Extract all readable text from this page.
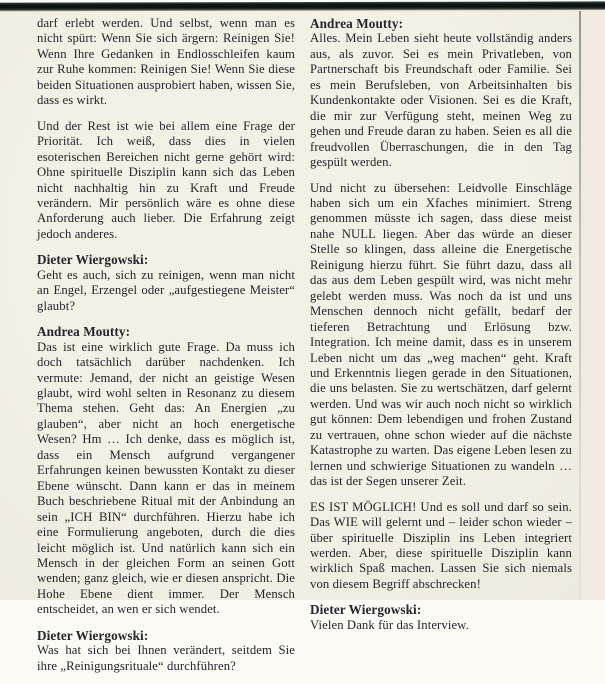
darf erlebt werden. Und selbst, wenn man es nicht spürt: Wenn Sie sich ärgern: Reinigen Sie! Wenn Ihre Gedanken in Endlosschleifen kaum zur Ruhe kommen: Reinigen Sie! Wenn Sie diese beiden Situationen ausprobiert haben, wissen Sie, dass es wirkt.

Und der Rest ist wie bei allem eine Frage der Priorität. Ich weiß, dass dies in vielen esoterischen Bereichen nicht gerne gehört wird: Ohne spirituelle Disziplin kann sich das Leben nicht nachhaltig hin zu Kraft und Freude verändern. Mir persönlich wäre es ohne diese Anforderung auch lieber. Die Erfahrung zeigt jedoch anderes.

Dieter Wiergowski:

Geht es auch, sich zu reinigen, wenn man nicht an Engel, Erzengel oder „aufgestiegene Meister“ glaubt?

Andrea Moutty:

Das ist eine wirklich gute Frage. Da muss ich doch tatsächlich darüber nachdenken. Ich vermute: Jemand, der nicht an geistige Wesen glaubt, wird wohl selten in Resonanz zu diesem Thema stehen. Geht das: An Energien „zu glauben“, aber nicht an hoch energetische Wesen? Hm … Ich denke, dass es möglich ist, dass ein Mensch aufgrund vergangener Erfahrungen keinen bewussten Kontakt zu dieser Ebene wünscht. Dann kann er das in meinem Buch beschriebene Ritual mit der Anbindung an sein „ICH BIN“ durchführen. Hierzu habe ich eine Formulierung angeboten, durch die dies leicht möglich ist. Und natürlich kann sich ein Mensch in der gleichen Form an seinen Gott wenden; ganz gleich, wie er diesen anspricht. Die Hohe Ebene dient immer. Der Mensch entscheidet, an wen er sich wendet.

Dieter Wiergowski:

Was hat sich bei Ihnen verändert, seitdem Sie ihre „Reinigungsrituale“ durchführen?

Andrea Moutty:

Alles. Mein Leben sieht heute vollständig anders aus, als zuvor. Sei es mein Privatleben, von Partnerschaft bis Freundschaft oder Familie. Sei es mein Berufsleben, von Arbeitsinhalten bis Kundenkontakte oder Visionen. Sei es die Kraft, die mir zur Verfügung steht, meinen Weg zu gehen und Freude daran zu haben. Seien es all die freudvollen Überraschungen, die in den Tag gespült werden.

Und nicht zu übersehen: Leidvolle Einschläge haben sich um ein Xfaches minimiert. Streng genommen müsste ich sagen, dass diese meist nahe NULL liegen. Aber das würde an dieser Stelle so klingen, dass alleine die Energetische Reinigung hierzu führt. Sie führt dazu, dass all das aus dem Leben gespült wird, was nicht mehr gelebt werden muss. Was noch da ist und uns Menschen dennoch nicht gefällt, bedarf der tieferen Betrachtung und Erlösung bzw. Integration. Ich meine damit, dass es in unserem Leben nicht um das „weg machen“ geht. Kraft und Erkenntnis liegen gerade in den Situationen, die uns belasten. Sie zu wertschätzen, darf gelernt werden. Und was wir auch noch nicht so wirklich gut können: Dem lebendigen und frohen Zustand zu vertrauen, ohne schon wieder auf die nächste Katastrophe zu warten. Das eigene Leben lesen zu lernen und schwierige Situationen zu wandeln … das ist der Segen unserer Zeit.

ES IST MÖGLICH! Und es soll und darf so sein. Das WIE will gelernt und – leider schon wieder – über spirituelle Disziplin ins Leben integriert werden. Aber, diese spirituelle Disziplin kann wirklich Spaß machen. Lassen Sie sich niemals von diesem Begriff abschrecken!

Dieter Wiergowski:

Vielen Dank für das Interview.
